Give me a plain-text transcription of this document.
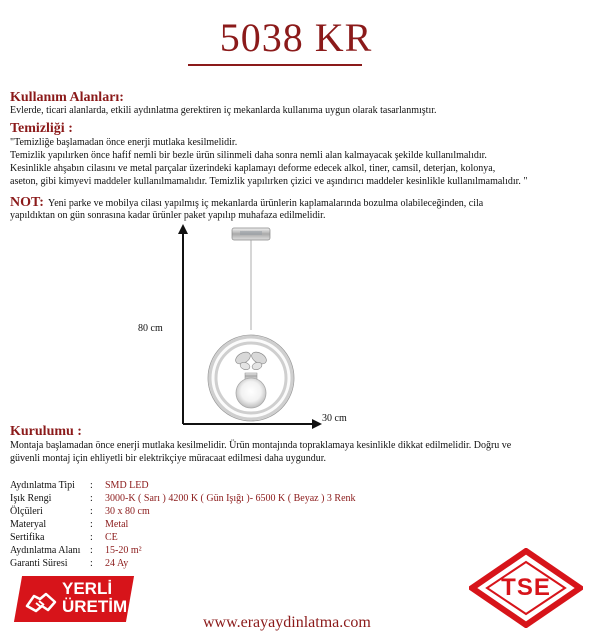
5038 KR
Kullanım Alanları:
Evlerde, ticari alanlarda, etkili aydınlatma gerektiren iç mekanlarda kullanıma uygun olarak tasarlanmıştır.
Temizliği :
"Temizliğe başlamadan önce enerji mutlaka kesilmelidir.
Temizlik yapılırken önce hafif nemli bir bezle ürün silinmeli daha sonra nemli alan kalmayacak şekilde kullanılmalıdır.
Kesinlikle ahşabın cilasını ve metal parçalar üzerindeki kaplamayı deforme edecek alkol, tiner, camsil, deterjan, kolonya,
aseton, gibi kimyevi maddeler kullanılmamalıdır. Temizlik yapılırken çizici ve aşındırıcı maddeler kesinlikle kullanılmamalıdır. "
NOT: Yeni parke ve mobilya cilası yapılmış iç mekanlarda ürünlerin kaplamalarında bozulma olabileceğinden, cila
yapıldıktan on gün sonrasına kadar ürünler paket yapılıp muhafaza edilmelidir.
80 cm
30 cm
Kurulumu :
Montaja başlamadan önce enerji mutlaka kesilmelidir. Ürün montajında topraklamaya kesinlikle dikkat edilmelidir. Doğru ve
güvenli montaj için ehliyetli bir elektrikçiye müracaat edilmesi daha uygundur.
Aydınlatma Tipi	: SMD LED
Işık Rengi	: 3000-K ( Sarı ) 4200 K ( Gün Işığı )- 6500 K ( Beyaz ) 3 Renk
Ölçüleri	: 30 x 80 cm
Materyal	: Metal
Sertifika	: CE
Aydınlatma Alanı : 15-20 m²
Garanti Süresi	: 24 Ay
YERLİ
ÜRETİM
www.erayaydinlatma.com
TSE
